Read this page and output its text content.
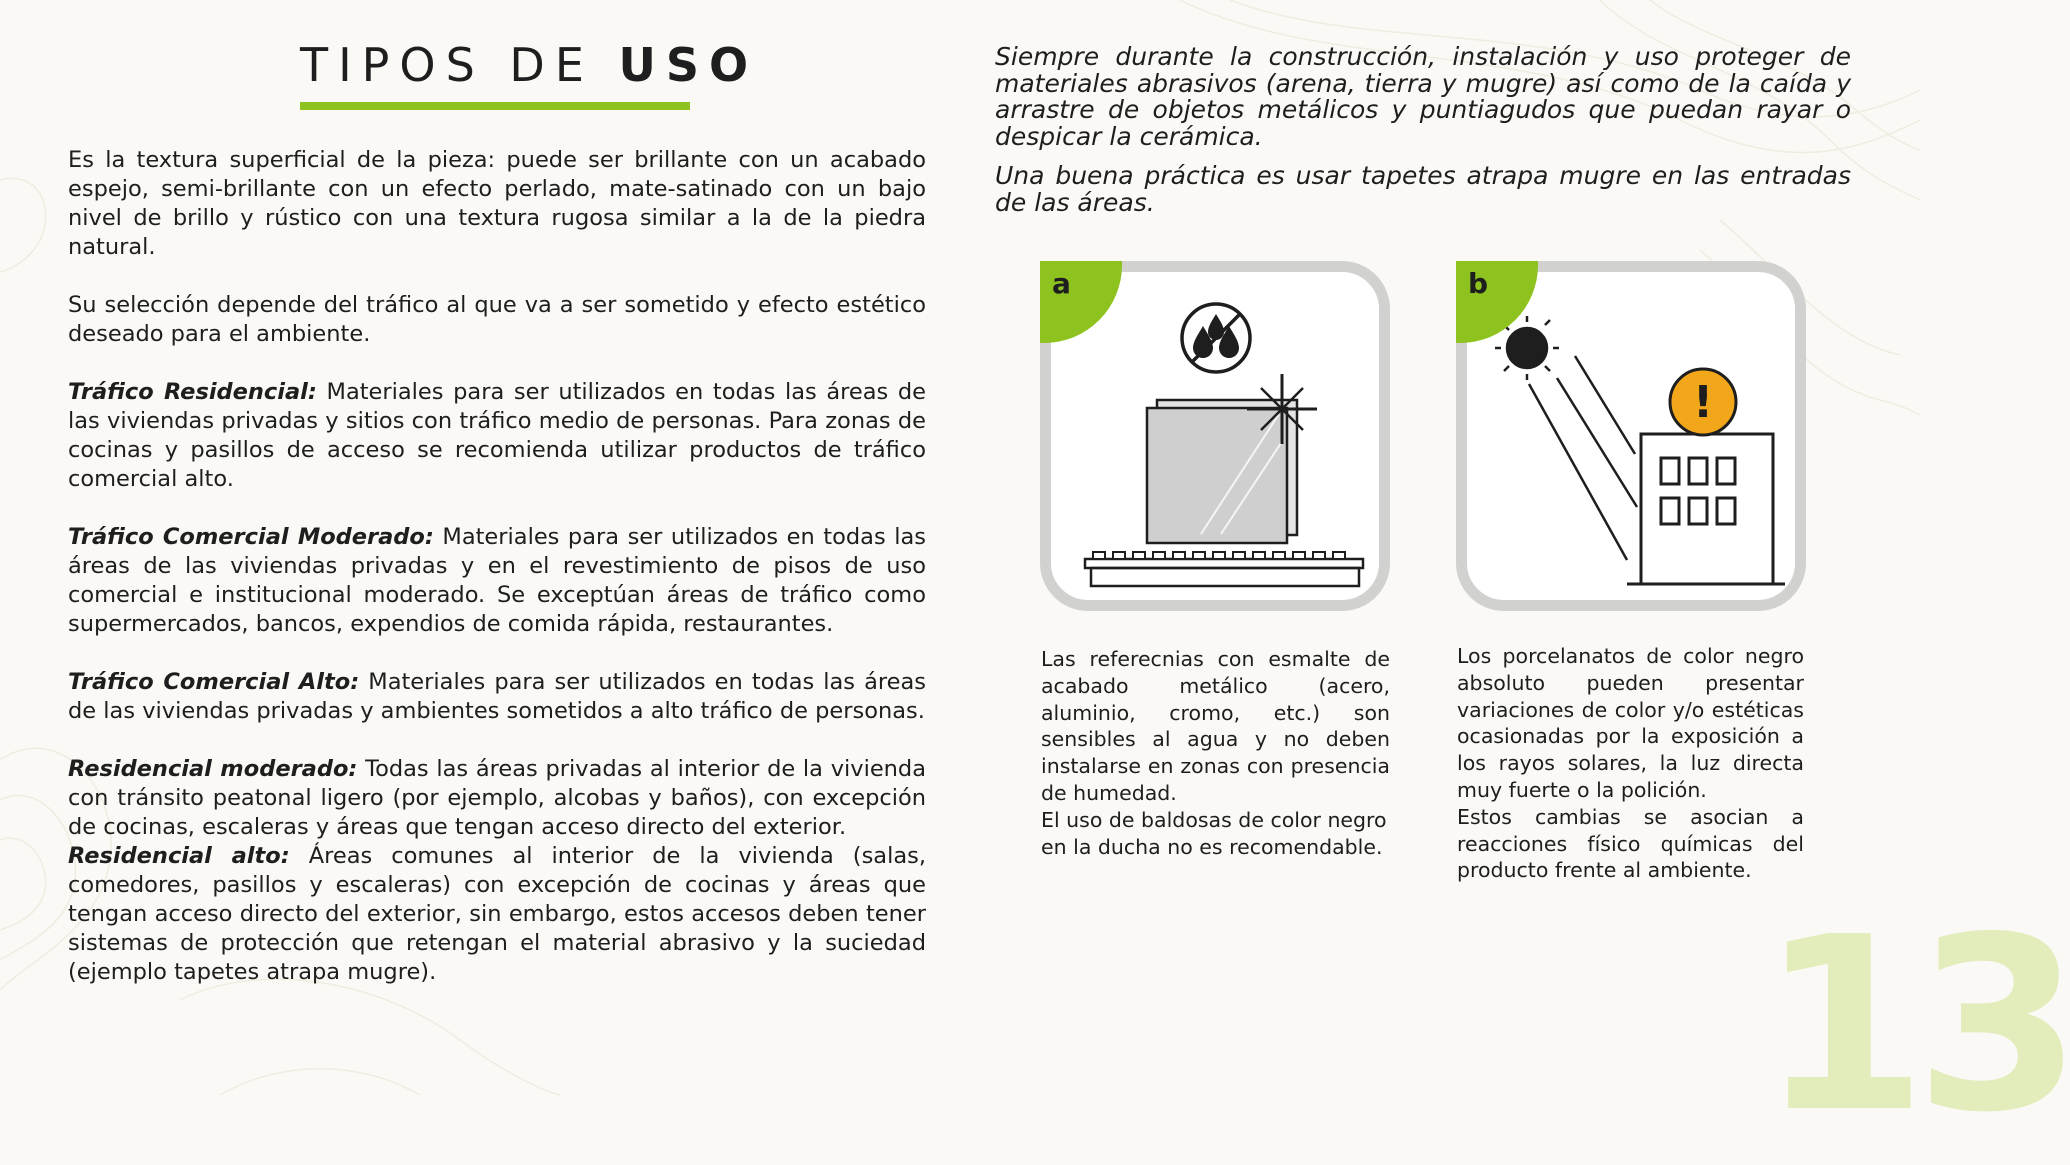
TIPOS DE USO

Es la textura superficial de la pieza: puede ser brillante con un acabado espejo, semi-brillante con un efecto perlado, mate-satinado con un bajo nivel de brillo y rústico con una textura rugosa similar a la de la piedra natural.

Su selección depende del tráfico al que va a ser sometido y efecto estético deseado para el ambiente.

Tráfico Residencial: Materiales para ser utilizados en todas las áreas de las viviendas privadas y sitios con tráfico medio de personas. Para zonas de cocinas y pasillos de acceso se recomienda utilizar productos de tráfico comercial alto.

Tráfico Comercial Moderado: Materiales para ser utilizados en todas las áreas de las viviendas privadas y en el revestimiento de pisos de uso comercial e institucional moderado. Se exceptúan áreas de tráfico como supermercados, bancos, expendios de comida rápida, restaurantes.

Tráfico Comercial Alto: Materiales para ser utilizados en todas las áreas de las viviendas privadas y ambientes sometidos a alto tráfico de personas.

Residencial moderado: Todas las áreas privadas al interior de la vivienda con tránsito peatonal ligero (por ejemplo, alcobas y baños), con excepción de cocinas, escaleras y áreas que tengan acceso directo del exterior.

Residencial alto: Áreas comunes al interior de la vivienda (salas, comedores, pasillos y escaleras) con excepción de cocinas y áreas que tengan acceso directo del exterior, sin embargo, estos accesos deben tener sistemas de protección que retengan el material abrasivo y la suciedad (ejemplo tapetes atrapa mugre).

Siempre durante la construcción, instalación y uso proteger de materiales abrasivos (arena, tierra y mugre) así como de la caída y arrastre de objetos metálicos y puntiagudos que puedan rayar o despicar la cerámica.

Una buena práctica es usar tapetes atrapa mugre en las entradas de las áreas.

a
!
b

Las referecnias con esmalte de acabado metálico (acero, aluminio, cromo, etc.) son sensibles al agua y no deben instalarse en zonas con presencia de humedad.

El uso de baldosas de color negro en la ducha no es recomendable.

Los porcelanatos de color negro absoluto pueden presentar variaciones de color y/o estéticas ocasionadas por la exposición a los rayos solares, la luz directa muy fuerte o la polición.

Estos cambias se asocian a reacciones físico químicas del producto frente al ambiente.

13
